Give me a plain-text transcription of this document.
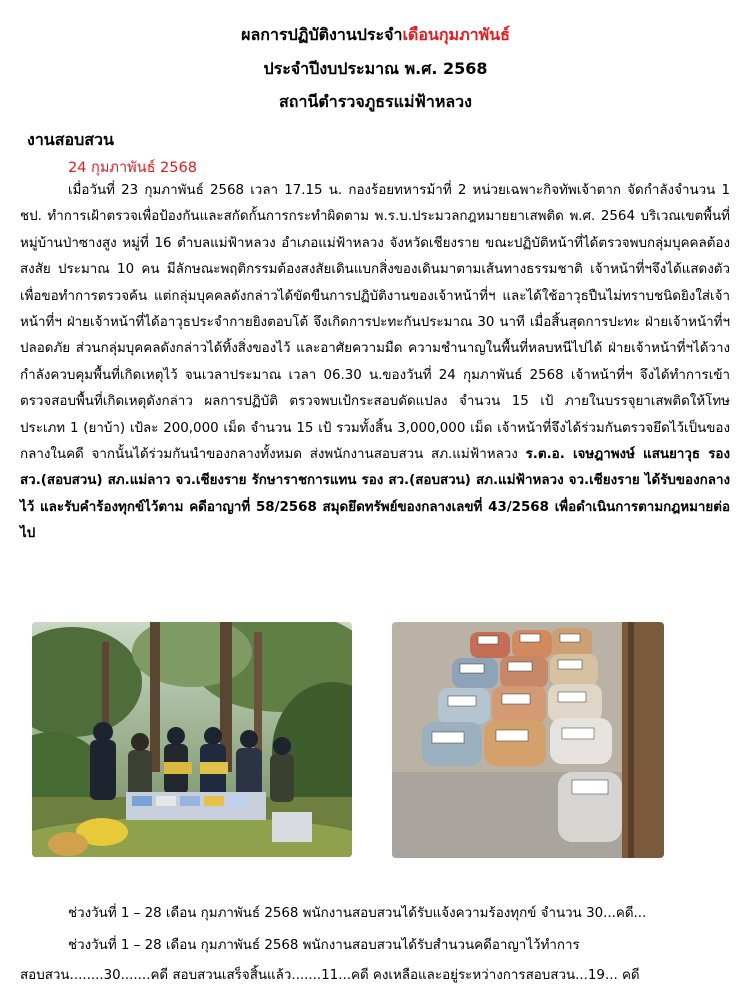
ผลการปฏิบัติงานประจำเดือนกุมภาพันธ์
ประจำปีงบประมาณ พ.ศ. 2568
สถานีตำรวจภูธรแม่ฟ้าหลวง
งานสอบสวน
24 กุมภาพันธ์ 2568
เมื่อวันที่ 23 กุมภาพันธ์ 2568 เวลา 17.15 น. กองร้อยทหารม้าที่ 2 หน่วยเฉพาะกิจทัพเจ้าตาก จัดกำลังจำนวน 1 ชป. ทำการเฝ้าตรวจเพื่อป้องกันและสกัดกั้นการกระทำผิดตาม พ.ร.บ.ประมวลกฎหมายยาเสพติด พ.ศ. 2564 บริเวณเขตพื้นที่หมู่บ้านป่าซางสูง หมู่ที่ 16 ตำบลแม่ฟ้าหลวง อำเภอแม่ฟ้าหลวง จังหวัดเชียงราย ขณะปฏิบัติหน้าที่ได้ตรวจพบกลุ่มบุคคลต้องสงสัย ประมาณ 10 คน มีลักษณะพฤติกรรมต้องสงสัยเดินแบกสิ่งของเดินมาตามเส้นทางธรรมชาติ เจ้าหน้าที่ฯจึงได้แสดงตัวเพื่อขอทำการตรวจค้น แต่กลุ่มบุคคลดังกล่าวได้ขัดขืนการปฏิบัติงานของเจ้าหน้าที่ฯ และได้ใช้อาวุธปืนไม่ทราบชนิดยิงใส่เจ้าหน้าที่ฯ ฝ่ายเจ้าหน้าที่ได้อาวุธประจำกายยิงตอบโต้ จึงเกิดการปะทะกันประมาณ 30 นาที เมื่อสิ้นสุดการปะทะ ฝ่ายเจ้าหน้าที่ฯปลอดภัย ส่วนกลุ่มบุคคลดังกล่าวได้ทิ้งสิ่งของไว้ และอาศัยความมืด ความชำนาญในพื้นที่หลบหนีไปได้ ฝ่ายเจ้าหน้าที่ฯได้วางกำลังควบคุมพื้นที่เกิดเหตุไว้ จนเวลาประมาณ เวลา 06.30 น.ของวันที่ 24 กุมภาพันธ์ 2568 เจ้าหน้าที่ฯ จึงได้ทำการเข้าตรวจสอบพื้นที่เกิดเหตุดังกล่าว ผลการปฏิบัติ ตรวจพบเป้กระสอบดัดแปลง จำนวน 15 เป้ ภายในบรรจุยาเสพติดให้โทษประเภท 1 (ยาบ้า) เป้ละ 200,000 เม็ด จำนวน 15 เป้ รวมทั้งสิ้น 3,000,000 เม็ด เจ้าหน้าที่จึงได้ร่วมกันตรวจยึดไว้เป็นของกลางในคดี จากนั้นได้ร่วมกันนำของกลางทั้งหมด ส่งพนักงานสอบสวน สภ.แม่ฟ้าหลวง ร.ต.อ. เจษฎาพงษ์ แสนยาวุธ รอง สว.(สอบสวน) สภ.แม่ลาว จว.เชียงราย รักษาราชการแทน รอง สว.(สอบสวน) สภ.แม่ฟ้าหลวง จว.เชียงราย ได้รับของกลางไว้ และรับคำร้องทุกข์ไว้ตาม คดีอาญาที่ 58/2568 สมุดยึดทรัพย์ของกลางเลขที่ 43/2568 เพื่อดำเนินการตามกฎหมายต่อไป
ช่วงวันที่ 1 – 28 เดือน กุมภาพันธ์ 2568 พนักงานสอบสวนได้รับแจ้งความร้องทุกข์ จำนวน 30...คดี...
ช่วงวันที่ 1 – 28 เดือน กุมภาพันธ์ 2568 พนักงานสอบสวนได้รับสำนวนคดีอาญาไว้ทำการ
สอบสวน........30.......คดี สอบสวนเสร็จสิ้นแล้ว.......11...คดี คงเหลือและอยู่ระหว่างการสอบสวน...19... คดี
